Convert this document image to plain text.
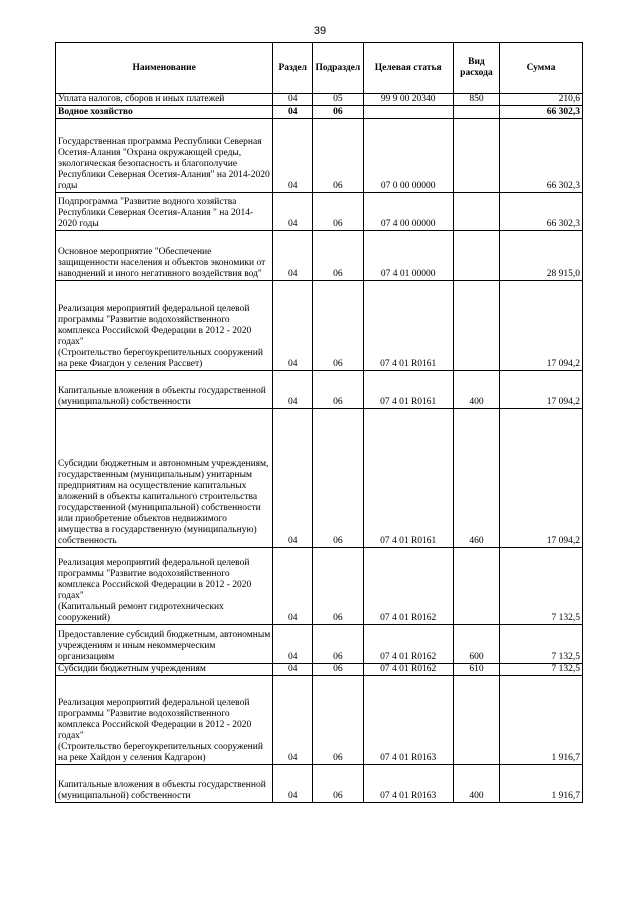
39
Наименование	Раздел	Подраздел	Целевая статья	Вид расхода	Сумма
Уплата налогов, сборов и иных платежей	04	05	99 9 00 20340	850	210,6
Водное хозяйство	04	06			66 302,3
Государственная программа Республики Северная Осетия-Алания "Охрана окружающей среды, экологическая безопасность и благополучие Республики Северная Осетия-Алания" на 2014-2020 годы	04	06	07 0 00 00000		66 302,3
Подпрограмма "Развитие водного хозяйства Республики Северная Осетия-Алания " на 2014-2020 годы	04	06	07 4 00 00000		66 302,3
Основное мероприятие "Обеспечение защищенности населения и объектов экономики от наводнений и иного негативного воздействия вод"	04	06	07 4 01 00000		28 915,0
Реализация мероприятий федеральной целевой программы "Развитие водохозяйственного комплекса Российской Федерации в 2012 - 2020 годах"
(Строительство берегоукрепительных сооружений на реке Фиагдон у селения Рассвет)	04	06	07 4 01 R0161		17 094,2
Капитальные вложения в объекты государственной (муниципальной) собственности	04	06	07 4 01 R0161	400	17 094,2
Субсидии бюджетным и автономным учреждениям, государственным (муниципальным) унитарным предприятиям на осуществление капитальных вложений в объекты капитального строительства государственной (муниципальной) собственности или приобретение объектов недвижимого имущества в государственную (муниципальную) собственность	04	06	07 4 01 R0161	460	17 094,2
Реализация мероприятий федеральной целевой программы "Развитие водохозяйственного комплекса Российской Федерации в 2012 - 2020 годах"
(Капитальный ремонт гидротехнических сооружений)	04	06	07 4 01 R0162		7 132,5
Предоставление субсидий бюджетным, автономным учреждениям и иным некоммерческим организациям	04	06	07 4 01 R0162	600	7 132,5
Субсидии бюджетным учреждениям	04	06	07 4 01 R0162	610	7 132,5
Реализация мероприятий федеральной целевой программы "Развитие водохозяйственного комплекса Российской Федерации в 2012 - 2020 годах"
(Строительство берегоукрепительных сооружений на реке Хайдон у селения Кадгарон)	04	06	07 4 01 R0163		1 916,7
Капитальные вложения в объекты государственной (муниципальной) собственности	04	06	07 4 01 R0163	400	1 916,7
